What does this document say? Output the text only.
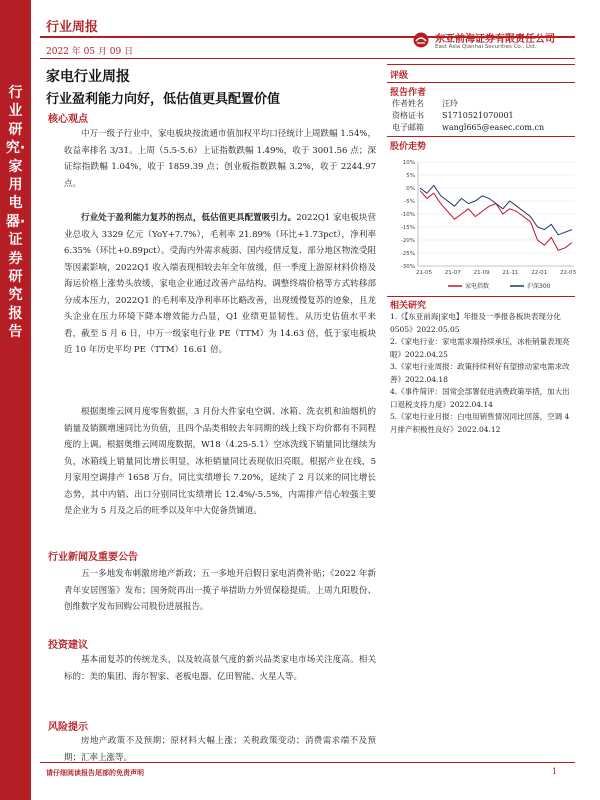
行业研究·家用电器·证券研究报告
行业周报
2022 年 05 月 09 日
东亚前海证券有限责任公司
East Asia Qianhai Securities Co., Ltd.
家电行业周报
行业盈利能力向好，低估值更具配置价值
核心观点

中万一级子行业中，家电板块按流通市值加权平均口径统计上周跌幅 1.54%，收益率排名 3/31。上周（5.5-5.6）上证指数跌幅 1.49%，收于 3001.56 点；深证综指跌幅 1.04%，收于 1859.39 点；创业板指数跌幅 3.2%，收于 2244.97 点。

行业处于盈利能力复苏的拐点，低估值更具配置吸引力。2022Q1 家电板块营业总收入 3329 亿元（YoY+7.7%），毛利率 21.89%（环比+1.73pct），净利率 6.35%（环比+0.89pct）。受海内外需求疲弱、国内疫情反复、部分地区物流受阻等因素影响，2022Q1 收入端表现相较去年全年放缓，但一季度上游原材料价格及海运价格上涨势头放缓，家电企业通过改善产品结构、调整终端价格等方式转移部分成本压力，2022Q1 的毛利率及净利率环比略改善，出现缓慢复苏的迹象，且龙头企业在压力环境下降本增效能力凸显，Q1 业绩更显韧性。从历史估值水平来看，截至 5 月 6 日，中万一级家电行业 PE（TTM）为 14.63 倍，低于家电板块近 10 年历史平均 PE（TTM）16.61 倍。

根据奥维云网月度零售数据，3 月份大件家电空调、冰箱、洗衣机和油烟机的销量及销额增速同比为负值，且四个品类相较去年同期的线上线下均价都有不同程度的上调。根据奥维云网周度数据，W18（4.25-5.1）空冰洗线下销量同比继续为负，冰箱线上销量同比增长明显，冰柜销量同比表现依旧亮眼。根据产业在线，5 月家用空调排产 1658 万台，同比实绩增长 7.20%，延续了 2 月以来的同比增长态势，其中内销、出口分别同比实绩增长 12.4%/-5.5%，内需排产信心较强主要是企业为 5 月及之后的旺季以及年中大促备货铺道。

行业新闻及重要公告

五一多地发布刺激房地产新政；五一多地开启假日家电消费补贴；《2022 年新青年安居图鉴》发布；国务院再出一揽子举措助力外贸保稳提质。上周九阳股份、创维数字发布回购公司股份进展报告。

投资建议

基本面复苏的传统龙头，以及较高景气度的新兴品类家电市场关注度高。相关标的：美的集团、海尔智家、老板电器、亿田智能、火星人等。

风险提示

房地产政策不及预期；原材料大幅上涨；关税政策变动；消费需求端不及预期；汇率上涨等。

评级
报告作者
作者姓名 汪玲
资格证书 S1710521070001
电子邮箱 wangl665@easec.com.cn
股价走势
10%
5%
0%
-5%
-10%
-15%
-20%
-25%
-30%
21-05 21-07 21-09 21-11 22-01 22-03
家电指数	沪深300
相关研究
1.《【东亚前海|家电】年报及一季报各板块表现分化 0505》2022.05.05
2.《家电行业：家电需求端持续承压，冰柜销量表现亮眼》2022.04.25
3.《家电行业周报：政策持续利好有望推动家电需求改善》2022.04.18
4.《事件简评：国常会部署促进消费政策举措，加大出口退税支持力度》2022.04.14
5.《家电行业月报：白电用销售情况同比回落，空调 4 月排产积极性良好》2022.04.12
请仔细阅读报告尾部的免责声明	1
